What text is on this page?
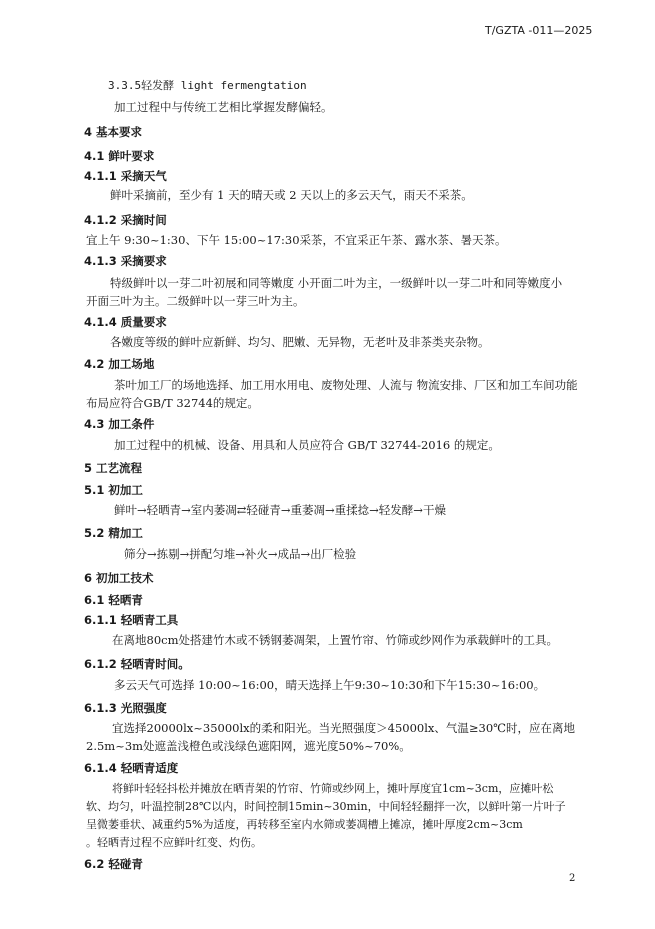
T/GZTA -011—2025
3.3.5轻发酵 light fermengtation
加工过程中与传统工艺相比掌握发酵偏轻。
4 基本要求
4.1 鲜叶要求
4.1.1 采摘天气
鲜叶采摘前，至少有 1 天的晴天或 2 天以上的多云天气，雨天不采茶。
4.1.2 采摘时间
宜上午 9:30~1:30、下午 15:00~17:30采茶，不宜采正午茶、露水茶、暑天茶。
4.1.3 采摘要求
特级鲜叶以一芽二叶初展和同等嫩度 小开面二叶为主，一级鲜叶以一芽二叶和同等嫩度小
开面三叶为主。二级鲜叶以一芽三叶为主。
4.1.4 质量要求
各嫩度等级的鲜叶应新鲜、均匀、肥嫩、无异物，无老叶及非茶类夹杂物。
4.2 加工场地
茶叶加工厂的场地选择、加工用水用电、废物处理、人流与 物流安排、厂区和加工车间功能
布局应符合GB/T 32744的规定。
4.3 加工条件
加工过程中的机械、设备、用具和人员应符合 GB/T 32744-2016 的规定。
5 工艺流程
5.1 初加工
鲜叶→轻晒青→室内萎凋⇄轻碰青→重萎凋→重揉捻→轻发酵→干燥
5.2 精加工
筛分→拣剔→拼配匀堆→补火→成品→出厂检验
6 初加工技术
6.1 轻晒青
6.1.1 轻晒青工具
在离地80cm处搭建竹木或不锈钢萎凋架，上置竹帘、竹筛或纱网作为承载鲜叶的工具。
6.1.2 轻晒青时间。
多云天气可选择 10:00~16:00，晴天选择上午9:30~10:30和下午15:30~16:00。
6.1.3 光照强度
宜选择20000lx~35000lx的柔和阳光。当光照强度＞45000lx、气温≥30℃时，应在离地
2.5m~3m处遮盖浅橙色或浅绿色遮阳网，遮光度50%~70%。
6.1.4 轻晒青适度
将鲜叶轻轻抖松并摊放在晒青架的竹帘、竹筛或纱网上，摊叶厚度宜1cm~3cm，应摊叶松
软、均匀，叶温控制28℃以内，时间控制15min~30min，中间轻轻翻拌一次，以鲜叶第一片叶子
呈微萎垂状、减重约5%为适度，再转移至室内水筛或萎凋槽上摊凉，摊叶厚度2cm~3cm
。轻晒青过程不应鲜叶红变、灼伤。
6.2 轻碰青
2
